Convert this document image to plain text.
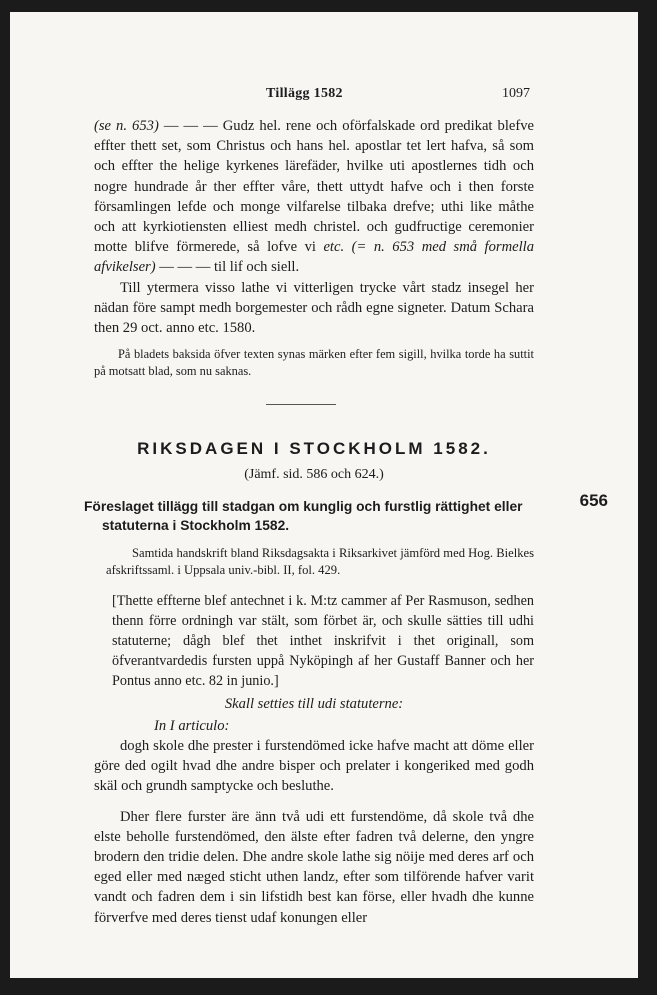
Tillägg 1582	1097

(se n. 653) — — — Gudz hel. rene och oförfalskade ord predikat blefve effter thett set, som Christus och hans hel. apostlar tet lert hafva, så som och effter the helige kyrkenes lärefäder, hvilke uti apostlernes tidh och nogre hundrade år ther effter våre, thett uttydt hafve och i then forste församlingen lefde och monge vilfarelse tilbaka drefve; uthi like måthe och att kyrkiotiensten elliest medh christel. och gudfructige ceremonier motte blifve förmerede, så lofve vi etc. (= n. 653 med små formella afvikelser) — — — til lif och siell.

Till ytermera visso lathe vi vitterligen trycke vårt stadz insegel her nädan före sampt medh borgemester och rådh egne signeter. Datum Schara then 29 oct. anno etc. 1580.

På bladets baksida öfver texten synas märken efter fem sigill, hvilka torde ha suttit på motsatt blad, som nu saknas.

RIKSDAGEN I STOCKHOLM 1582.
(Jämf. sid. 586 och 624.)
Föreslaget tillägg till stadgan om kunglig och furstlig rättighet eller
statuterna i Stockholm 1582.
656

Samtida handskrift bland Riksdagsakta i Riksarkivet jämförd med Hog. Bielkes afskriftssaml. i Uppsala univ.-bibl. II, fol. 429.

[Thette effterne blef antechnet i k. M:tz cammer af Per Rasmuson, sedhen thenn förre ordningh var stält, som förbet är, och skulle sätties till udhi statuterne; dågh blef thet inthet inskrifvit i thet originall, som öfverantvardedis fursten uppå Nyköpingh af her Gustaff Banner och her Pontus anno etc. 82 in junio.]

Skall setties till udi statuterne:

In I articulo:

dogh skole dhe prester i furstendömed icke hafve macht att döme eller göre ded ogilt hvad dhe andre bisper och prelater i kongeriked med godh skäl och grundh samptycke och besluthe.

Dher flere furster äre änn två udi ett furstendöme, då skole två dhe elste beholle furstendömed, den älste efter fadren två delerne, den yngre brodern den tridie delen. Dhe andre skole lathe sig nöije med deres arf och eged eller med næged sticht uthen landz, efter som tilförende hafver varit vandt och fadren dem i sin lifstidh best kan förse, eller hvadh dhe kunne förverfve med deres tienst udaf konungen eller
